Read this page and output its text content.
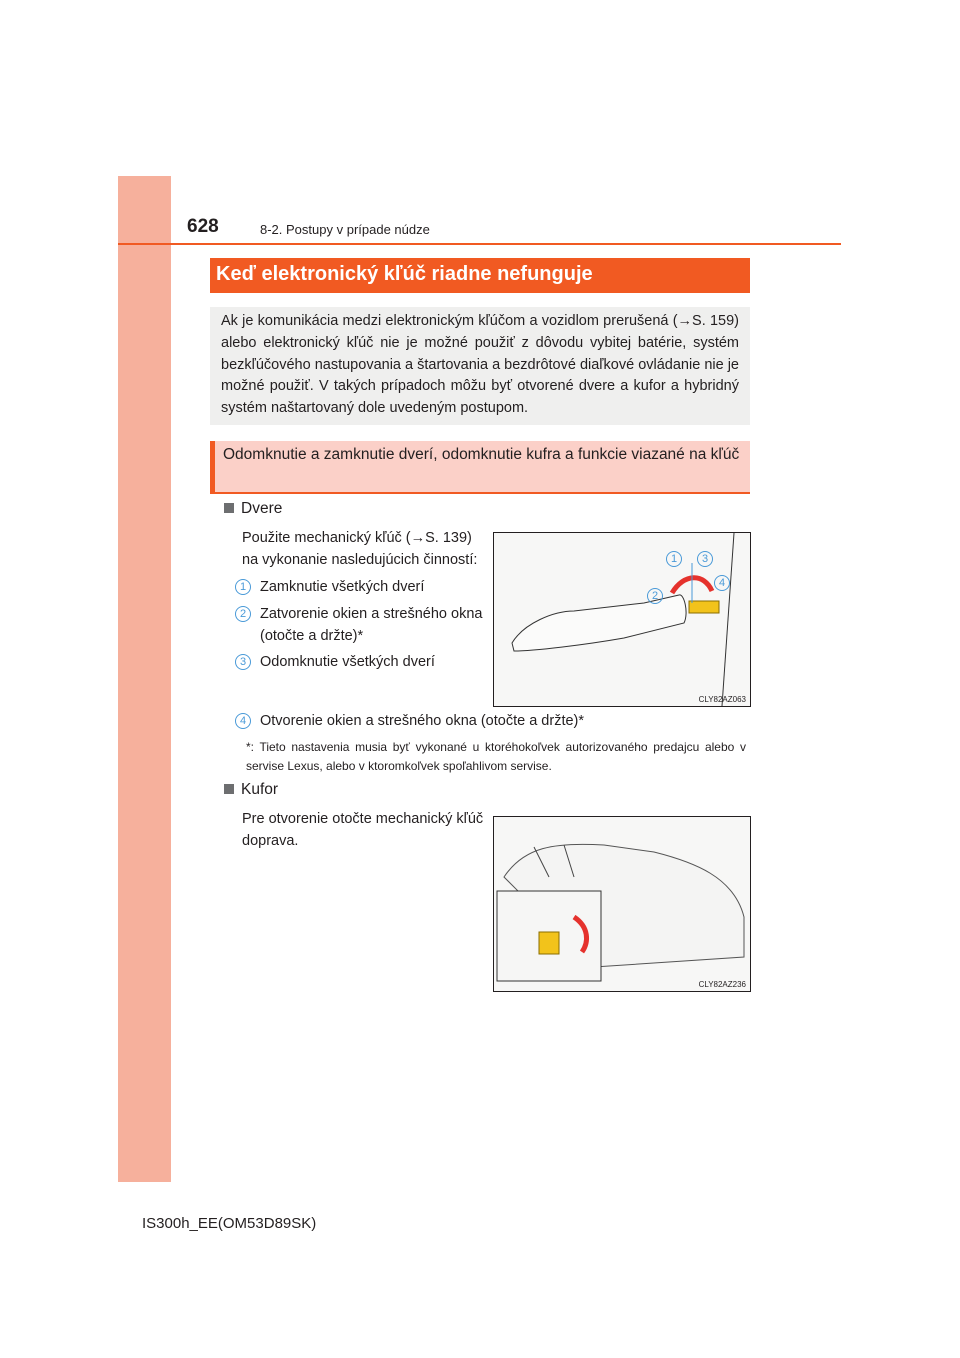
628	8-2. Postupy v prípade núdze
Keď elektronický kľúč riadne nefunguje
Ak je komunikácia medzi elektronickým kľúčom a vozidlom prerušená (→S. 159) alebo elektronický kľúč nie je možné použiť z dôvodu vybitej batérie, systém bezkľúčového nastupovania a štartovania a bezdrôtové diaľkové ovládanie nie je možné použiť. V takých prípadoch môžu byť otvorené dvere a kufor a hybridný systém naštartovaný dole uvedeným postupom.
Odomknutie a zamknutie dverí, odomknutie kufra a funkcie viazané na kľúč
Dvere
Použite mechanický kľúč (→S. 139) na vykonanie nasledujúcich činností:
1 Zamknutie všetkých dverí
2 Zatvorenie okien a strešného okna (otočte a držte)*
3 Odomknutie všetkých dverí
4 Otvorenie okien a strešného okna (otočte a držte)*
1	3
2
4
CLY82AZ063
*: Tieto nastavenia musia byť vykonané u ktoréhokoľvek autorizovaného predajcu alebo v servise Lexus, alebo v ktoromkoľvek spoľahlivom servise.
Kufor
Pre otvorenie otočte mechanický kľúč doprava.
CLY82AZ236
IS300h_EE(OM53D89SK)
